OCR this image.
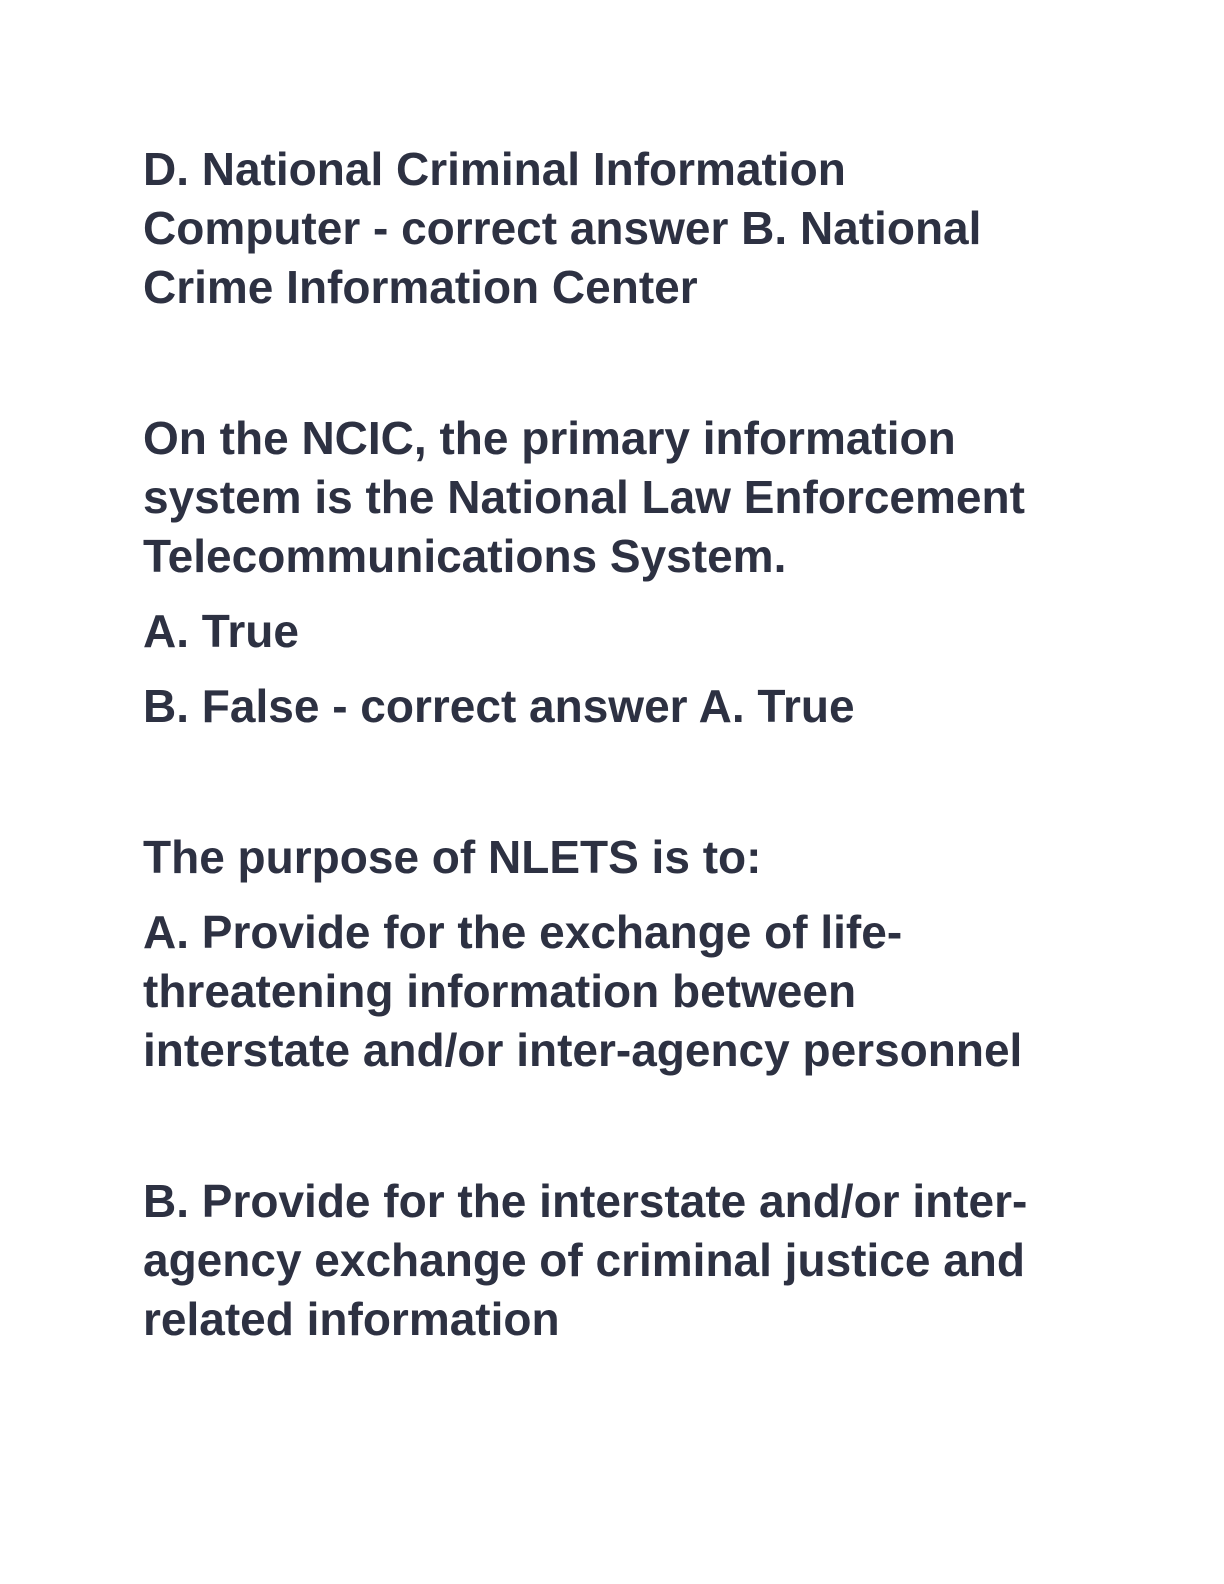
D. National Criminal Information
Computer - correct answer B. National
Crime Information Center

On the NCIC, the primary information
system is the National Law Enforcement
Telecommunications System.

A. True

B. False - correct answer A. True

The purpose of NLETS is to:

A. Provide for the exchange of life-
threatening information between
interstate and/or inter-agency personnel

B. Provide for the interstate and/or inter-
agency exchange of criminal justice and
related information
